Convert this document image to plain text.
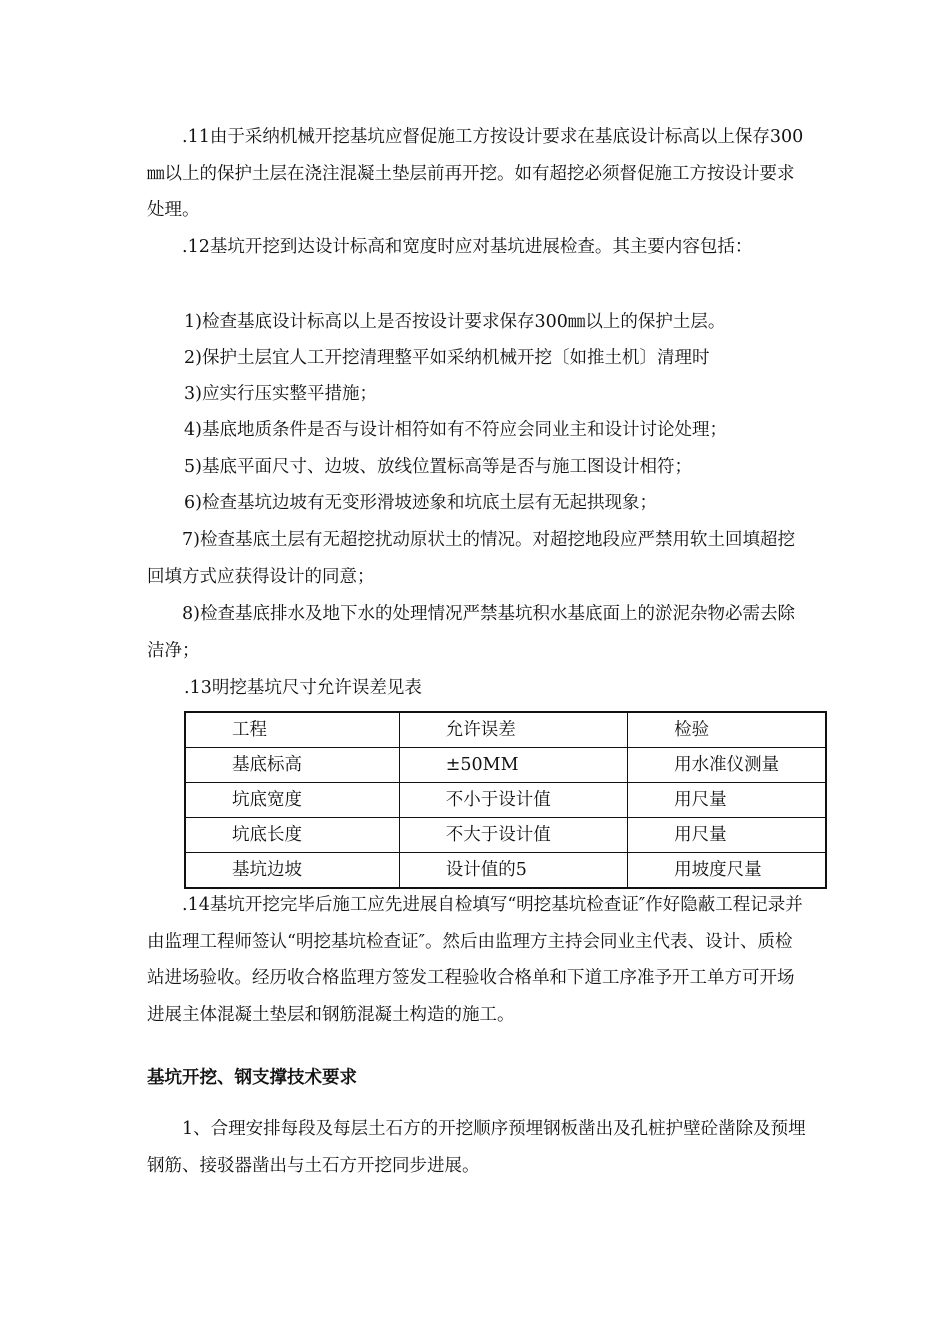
.11由于采纳机械开挖基坑应督促施工方按设计要求在基底设计标高以上保存300㎜以上的保护土层在浇注混凝土垫层前再开挖。如有超挖必须督促施工方按设计要求处理。

.12基坑开挖到达设计标高和宽度时应对基坑进展检查。其主要内容包括：

1)检查基底设计标高以上是否按设计要求保存300㎜以上的保护土层。
2)保护土层宜人工开挖清理整平如采纳机械开挖〔如推土机〕清理时
3)应实行压实整平措施；
4)基底地质条件是否与设计相符如有不符应会同业主和设计讨论处理；
5)基底平面尺寸、边坡、放线位置标高等是否与施工图设计相符；
6)检查基坑边坡有无变形滑坡迹象和坑底土层有无起拱现象；

7)检查基底土层有无超挖扰动原状土的情况。对超挖地段应严禁用软土回填超挖回填方式应获得设计的同意；

8)检查基底排水及地下水的处理情况严禁基坑积水基底面上的淤泥杂物必需去除洁净；

.13明挖基坑尺寸允许误差见表
工程	允许误差	检验
基底标高	±50MM	用水准仪测量
坑底宽度	不小于设计值	用尺量
坑底长度	不大于设计值	用尺量
基坑边坡	设计值的5	用坡度尺量

.14基坑开挖完毕后施工应先进展自检填写“明挖基坑检查证″作好隐蔽工程记录并由监理工程师签认“明挖基坑检查证″。然后由监理方主持会同业主代表、设计、质检站进场验收。经历收合格监理方签发工程验收合格单和下道工序准予开工单方可开场进展主体混凝土垫层和钢筋混凝土构造的施工。

基坑开挖、钢支撑技术要求

1、合理安排每段及每层土石方的开挖顺序预埋钢板凿出及孔桩护壁砼凿除及预埋钢筋、接驳器凿出与土石方开挖同步进展。
